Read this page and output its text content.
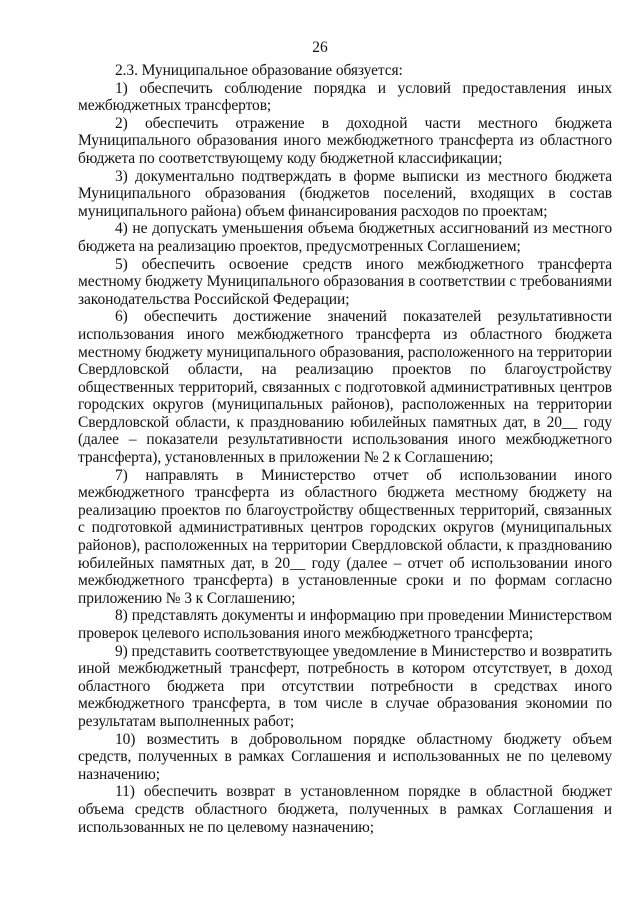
26

2.3. Муниципальное образование обязуется:

1) обеспечить соблюдение порядка и условий предоставления иных межбюджетных трансфертов;

2) обеспечить отражение в доходной части местного бюджета Муниципального образования иного межбюджетного трансферта из областного бюджета по соответствующему коду бюджетной классификации;

3) документально подтверждать в форме выписки из местного бюджета Муниципального образования (бюджетов поселений, входящих в состав муниципального района) объем финансирования расходов по проектам;

4) не допускать уменьшения объема бюджетных ассигнований из местного бюджета на реализацию проектов, предусмотренных Соглашением;

5) обеспечить освоение средств иного межбюджетного трансферта местному бюджету Муниципального образования в соответствии с требованиями законодательства Российской Федерации;

6) обеспечить достижение значений показателей результативности использования иного межбюджетного трансферта из областного бюджета местному бюджету муниципального образования, расположенного на территории Свердловской области, на реализацию проектов по благоустройству общественных территорий, связанных с подготовкой административных центров городских округов (муниципальных районов), расположенных на территории Свердловской области, к празднованию юбилейных памятных дат, в 20__ году (далее – показатели результативности использования иного межбюджетного трансферта), установленных в приложении № 2 к Соглашению;

7) направлять в Министерство отчет об использовании иного межбюджетного трансферта из областного бюджета местному бюджету на реализацию проектов по благоустройству общественных территорий, связанных с подготовкой административных центров городских округов (муниципальных районов), расположенных на территории Свердловской области, к празднованию юбилейных памятных дат, в 20__ году (далее – отчет об использовании иного межбюджетного трансферта) в установленные сроки и по формам согласно приложению № 3 к Соглашению;

8) представлять документы и информацию при проведении Министерством проверок целевого использования иного межбюджетного трансферта;

9) представить соответствующее уведомление в Министерство и возвратить иной межбюджетный трансферт, потребность в котором отсутствует, в доход областного бюджета при отсутствии потребности в средствах иного межбюджетного трансферта, в том числе в случае образования экономии по результатам выполненных работ;

10) возместить в добровольном порядке областному бюджету объем средств, полученных в рамках Соглашения и использованных не по целевому назначению;

11) обеспечить возврат в установленном порядке в областной бюджет объема средств областного бюджета, полученных в рамках Соглашения и использованных не по целевому назначению;
